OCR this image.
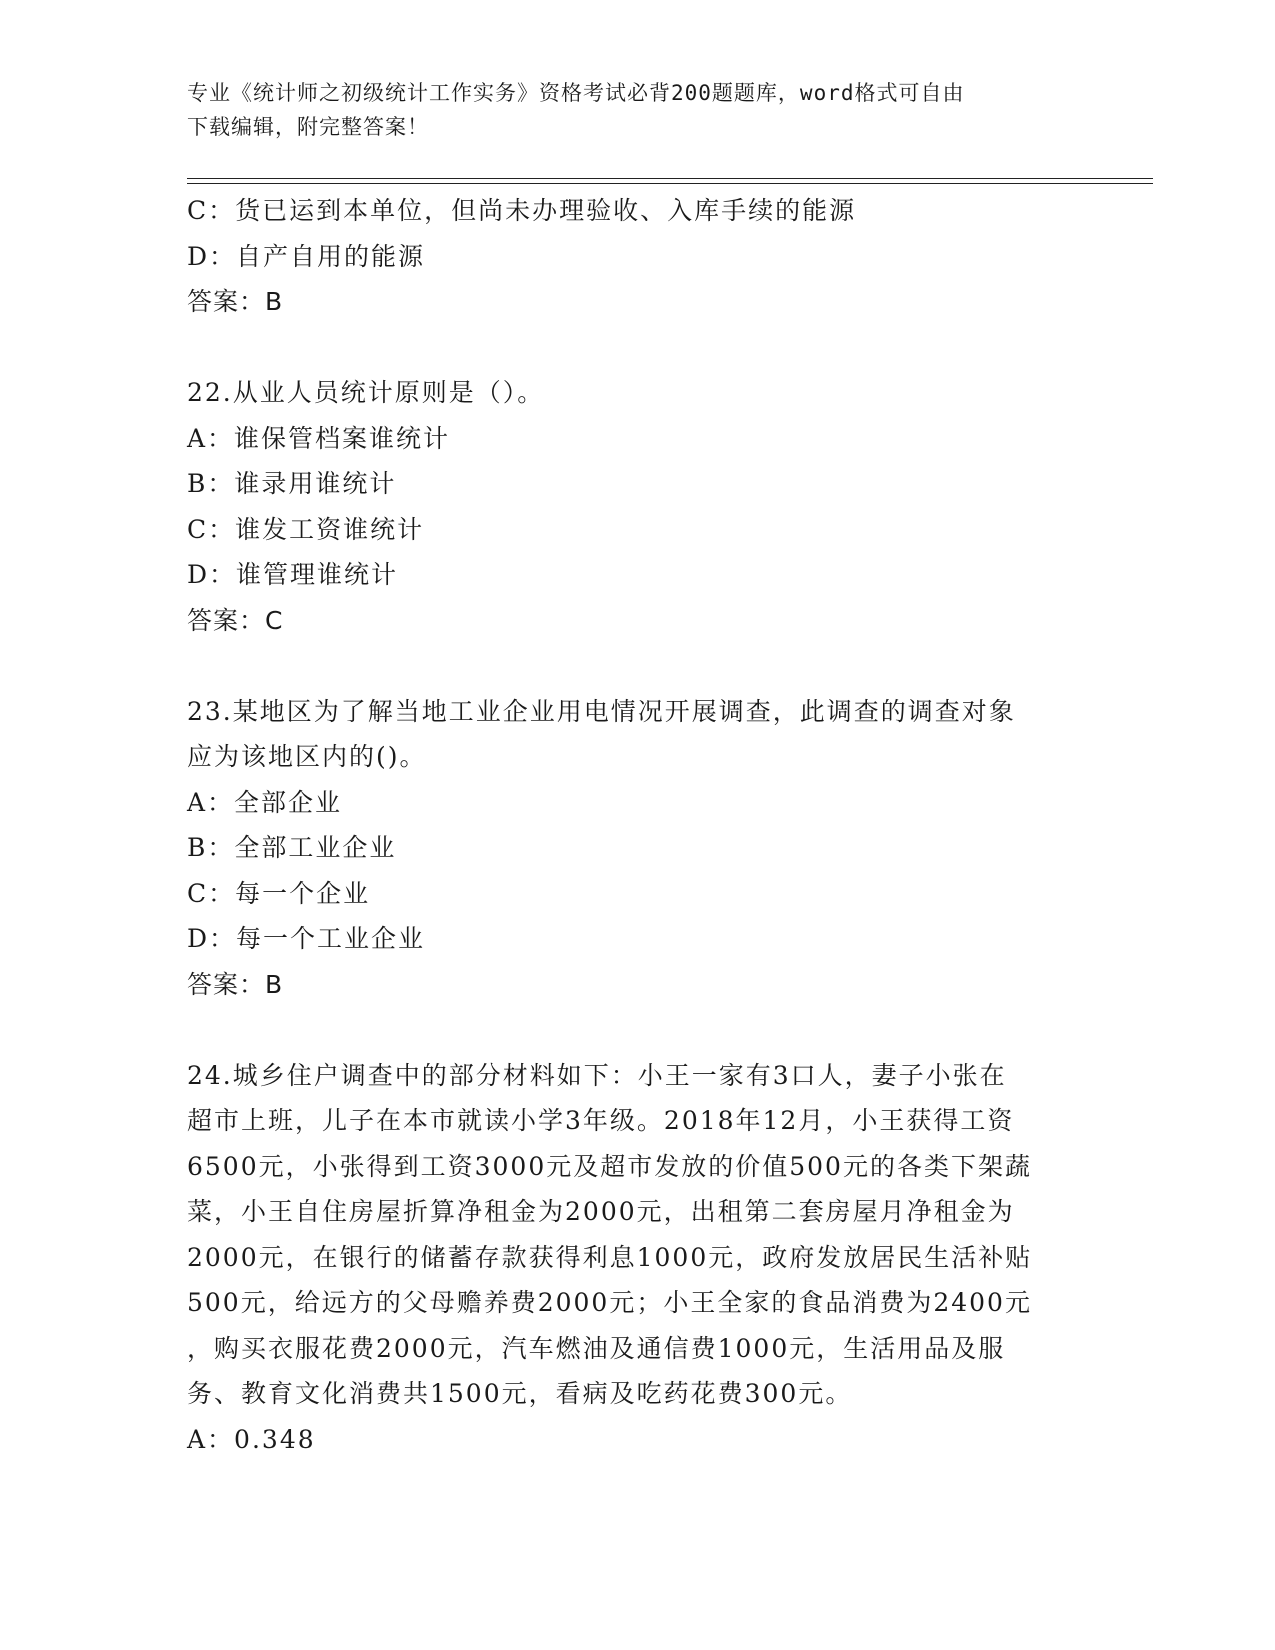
专业《统计师之初级统计工作实务》资格考试必背200题题库，word格式可自由
下载编辑，附完整答案！
C：货已运到本单位，但尚未办理验收、入库手续的能源
D：自产自用的能源
答案：B
22.从业人员统计原则是（）。
A：谁保管档案谁统计
B：谁录用谁统计
C：谁发工资谁统计
D：谁管理谁统计
答案：C
23.某地区为了解当地工业企业用电情况开展调查，此调查的调查对象
应为该地区内的()。
A：全部企业
B：全部工业企业
C：每一个企业
D：每一个工业企业
答案：B
24.城乡住户调查中的部分材料如下：小王一家有3口人，妻子小张在
超市上班，儿子在本市就读小学3年级。2018年12月，小王获得工资
6500元，小张得到工资3000元及超市发放的价值500元的各类下架蔬
菜，小王自住房屋折算净租金为2000元，出租第二套房屋月净租金为
2000元，在银行的储蓄存款获得利息1000元，政府发放居民生活补贴
500元，给远方的父母赡养费2000元；小王全家的食品消费为2400元
，购买衣服花费2000元，汽车燃油及通信费1000元，生活用品及服
务、教育文化消费共1500元，看病及吃药花费300元。
A：0.348
